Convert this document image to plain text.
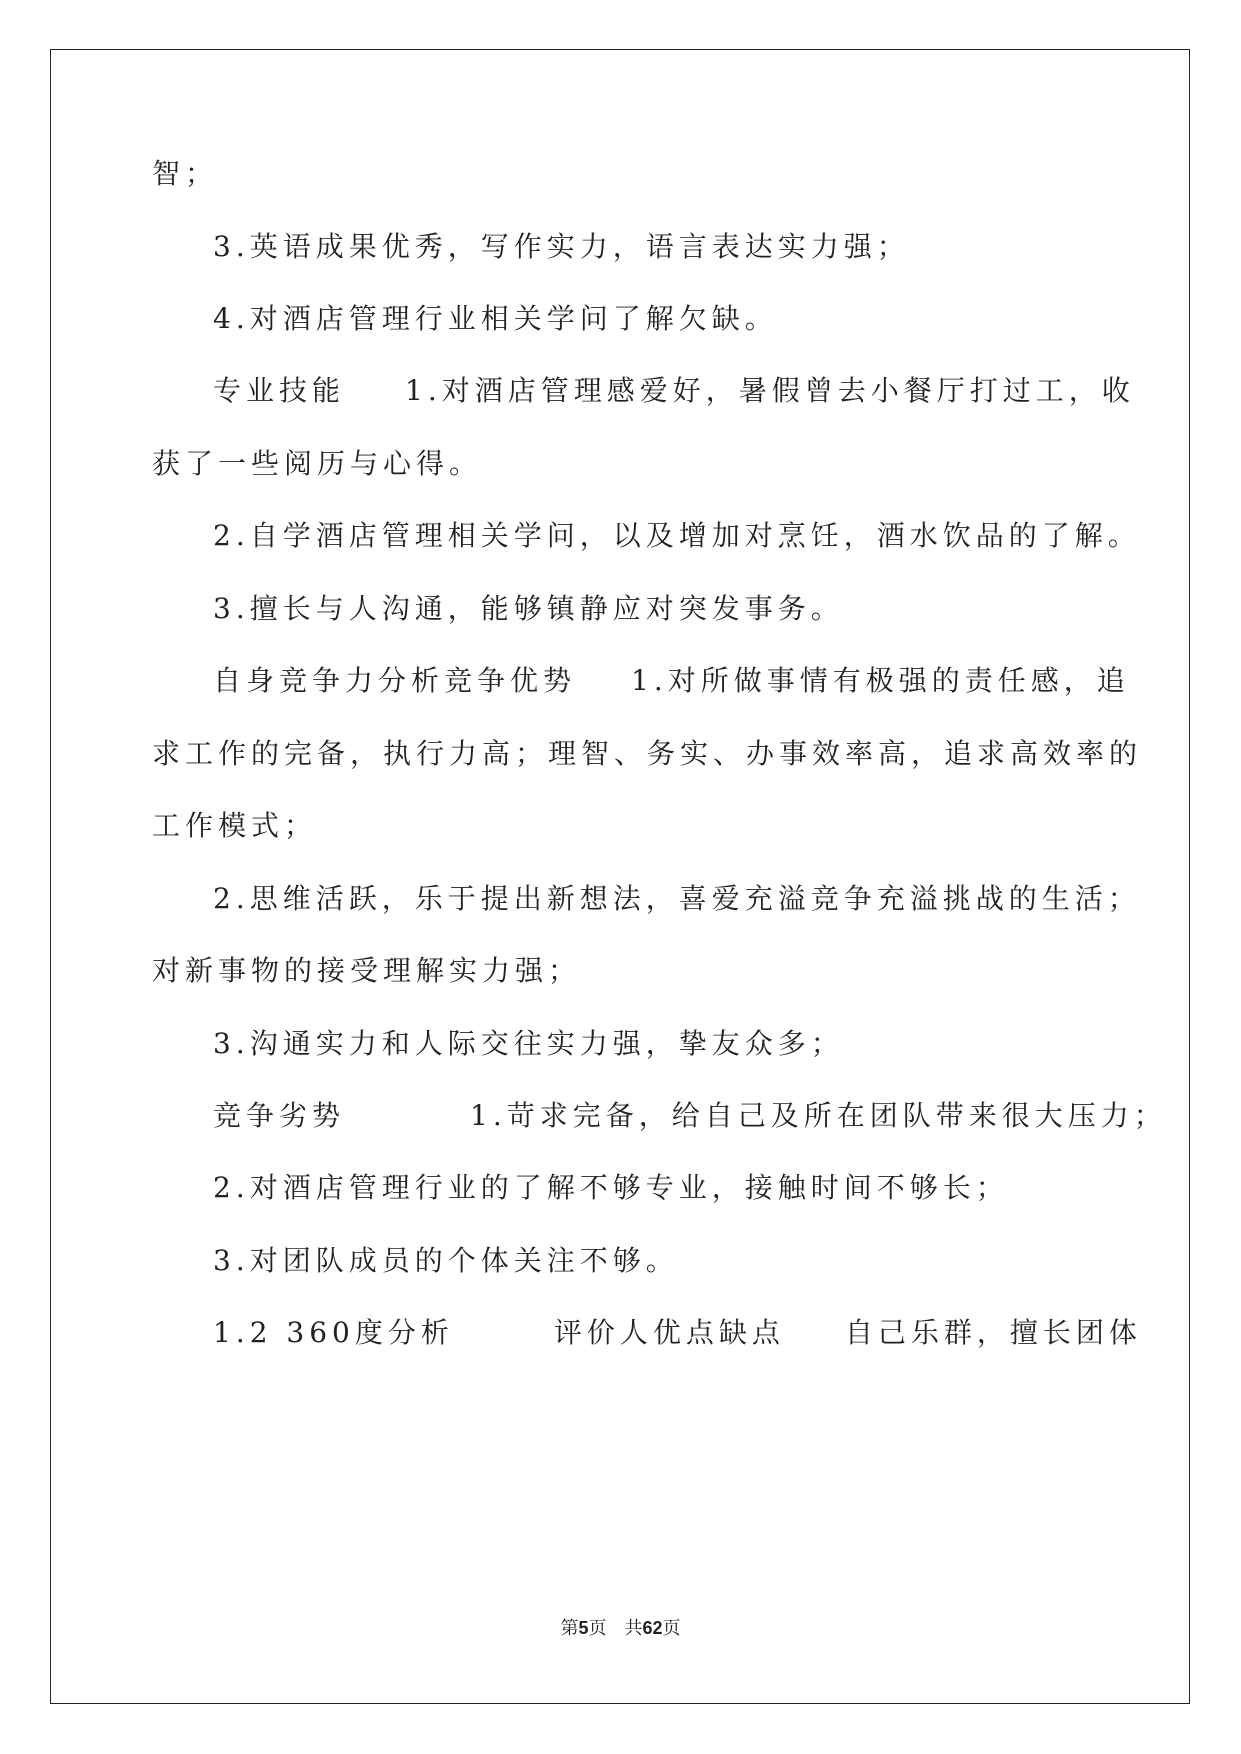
智；
3.英语成果优秀，写作实力，语言表达实力强；
4.对酒店管理行业相关学问了解欠缺。
专业技能 1.对酒店管理感爱好，暑假曾去小餐厅打过工，收
获了一些阅历与心得。
2.自学酒店管理相关学问，以及增加对烹饪，酒水饮品的了解。
3.擅长与人沟通，能够镇静应对突发事务。
自身竞争力分析竞争优势 1.对所做事情有极强的责任感，追
求工作的完备，执行力高；理智、务实、办事效率高，追求高效率的
工作模式；
2.思维活跃，乐于提出新想法，喜爱充溢竞争充溢挑战的生活；
对新事物的接受理解实力强；
3.沟通实力和人际交往实力强，挚友众多；
竞争劣势	1.苛求完备，给自己及所在团队带来很大压力；
2.对酒店管理行业的了解不够专业，接触时间不够长；
3.对团队成员的个体关注不够。
1.2 360度分析	评价人优点缺点 自己乐群，擅长团体
第5页　共62页
